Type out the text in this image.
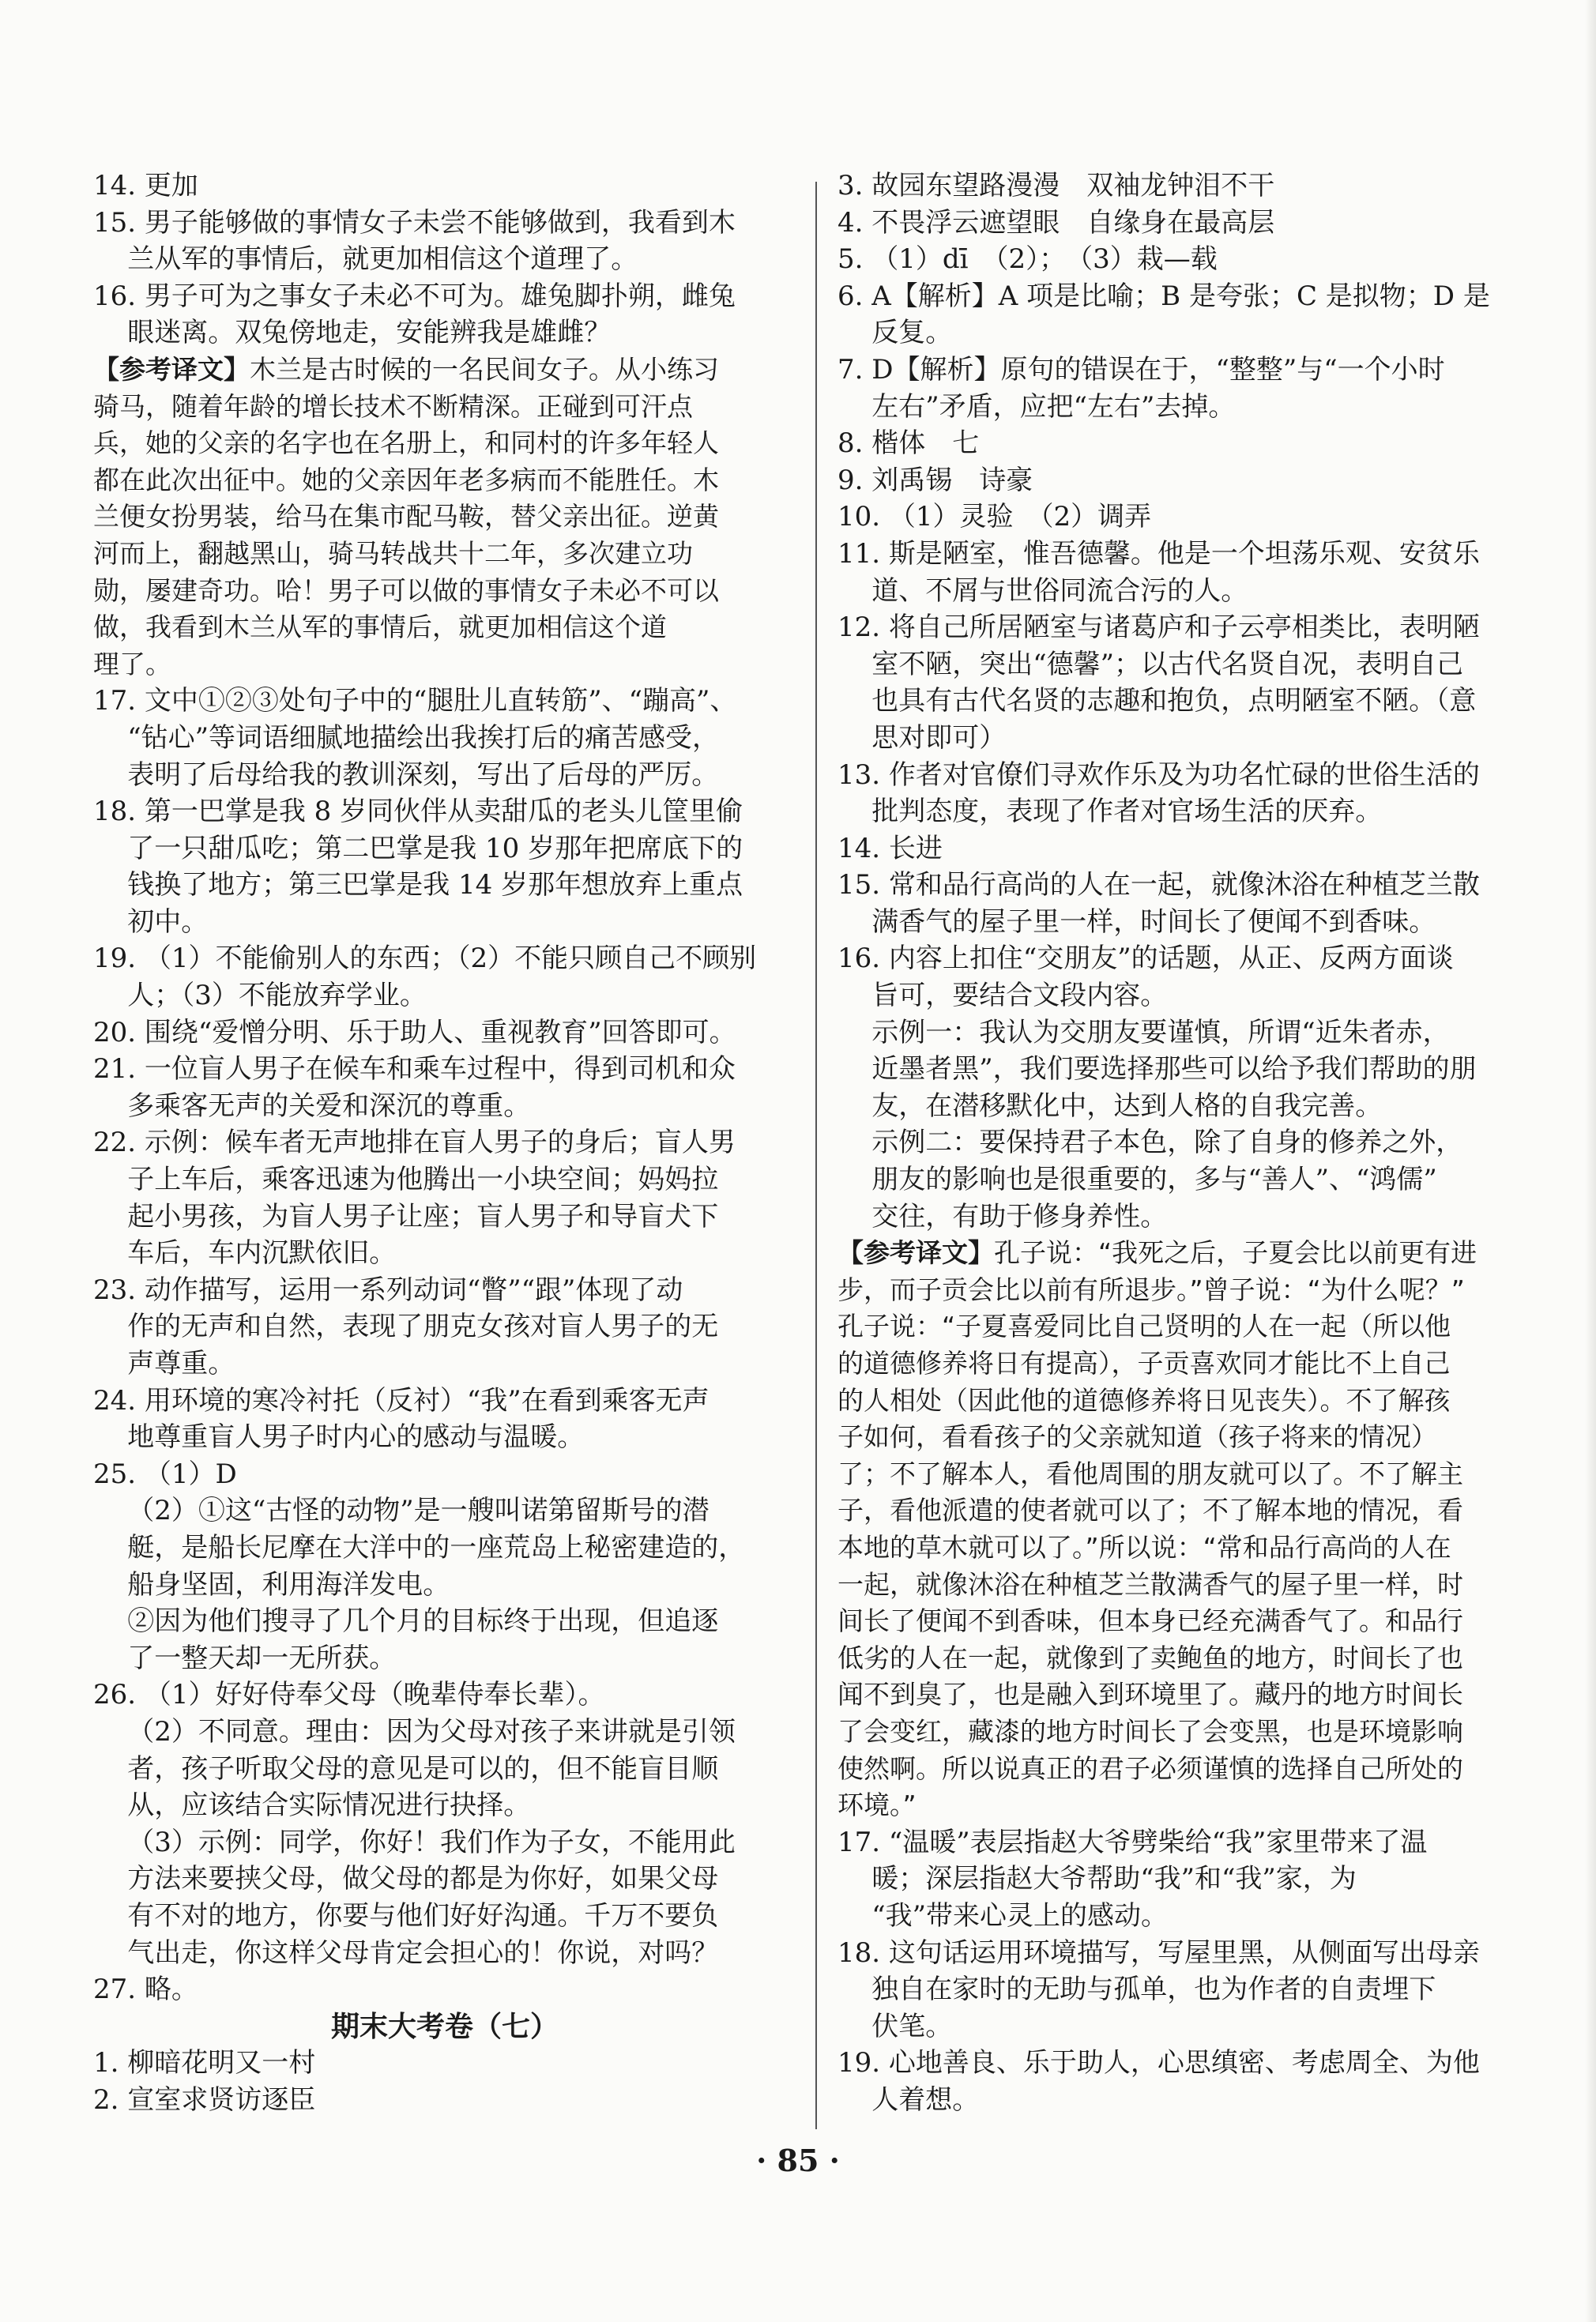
14. 更加
15. 男子能够做的事情女子未尝不能够做到，我看到木
兰从军的事情后，就更加相信这个道理了。
16. 男子可为之事女子未必不可为。雄兔脚扑朔，雌兔
眼迷离。双兔傍地走，安能辨我是雄雌？
【参考译文】木兰是古时候的一名民间女子。从小练习
骑马，随着年龄的增长技术不断精深。正碰到可汗点
兵，她的父亲的名字也在名册上，和同村的许多年轻人
都在此次出征中。她的父亲因年老多病而不能胜任。木
兰便女扮男装，给马在集市配马鞍，替父亲出征。逆黄
河而上，翻越黑山，骑马转战共十二年，多次建立功
勋，屡建奇功。哈！男子可以做的事情女子未必不可以
做，我看到木兰从军的事情后，就更加相信这个道
理了。
17. 文中①②③处句子中的“腿肚儿直转筋”、“蹦高”、
“钻心”等词语细腻地描绘出我挨打后的痛苦感受，
表明了后母给我的教训深刻，写出了后母的严厉。
18. 第一巴掌是我 8 岁同伙伴从卖甜瓜的老头儿筐里偷
了一只甜瓜吃；第二巴掌是我 10 岁那年把席底下的
钱换了地方；第三巴掌是我 14 岁那年想放弃上重点
初中。
19. （1）不能偷别人的东西；（2）不能只顾自己不顾别
人；（3）不能放弃学业。
20. 围绕“爱憎分明、乐于助人、重视教育”回答即可。
21. 一位盲人男子在候车和乘车过程中，得到司机和众
多乘客无声的关爱和深沉的尊重。
22. 示例：候车者无声地排在盲人男子的身后；盲人男
子上车后，乘客迅速为他腾出一小块空间；妈妈拉
起小男孩，为盲人男子让座；盲人男子和导盲犬下
车后，车内沉默依旧。
23. 动作描写，运用一系列动词“瞥”“跟”体现了动
作的无声和自然，表现了朋克女孩对盲人男子的无
声尊重。
24. 用环境的寒冷衬托（反衬）“我”在看到乘客无声
地尊重盲人男子时内心的感动与温暖。
25. （1）D
（2）①这“古怪的动物”是一艘叫诺第留斯号的潜
艇，是船长尼摩在大洋中的一座荒岛上秘密建造的，
船身坚固，利用海洋发电。
②因为他们搜寻了几个月的目标终于出现，但追逐
了一整天却一无所获。
26. （1）好好侍奉父母（晚辈侍奉长辈）。
（2）不同意。理由：因为父母对孩子来讲就是引领
者，孩子听取父母的意见是可以的，但不能盲目顺
从，应该结合实际情况进行抉择。
（3）示例：同学，你好！我们作为子女，不能用此
方法来要挟父母，做父母的都是为你好，如果父母
有不对的地方，你要与他们好好沟通。千万不要负
气出走，你这样父母肯定会担心的！你说，对吗？
27. 略。
期末大考卷（七）
1. 柳暗花明又一村
2. 宣室求贤访逐臣
3. 故园东望路漫漫　双袖龙钟泪不干
4. 不畏浮云遮望眼　自缘身在最高层
5. （1）dī　（2）；　（3）栽—载
6. A【解析】A 项是比喻；B 是夸张；C 是拟物；D 是
反复。
7. D【解析】原句的错误在于，“整整”与“一个小时
左右”矛盾，应把“左右”去掉。
8. 楷体　七
9. 刘禹锡　诗豪
10. （1）灵验　（2）调弄
11. 斯是陋室，惟吾德馨。他是一个坦荡乐观、安贫乐
道、不屑与世俗同流合污的人。
12. 将自己所居陋室与诸葛庐和子云亭相类比，表明陋
室不陋，突出“德馨”；以古代名贤自况，表明自己
也具有古代名贤的志趣和抱负，点明陋室不陋。（意
思对即可）
13. 作者对官僚们寻欢作乐及为功名忙碌的世俗生活的
批判态度，表现了作者对官场生活的厌弃。
14. 长进
15. 常和品行高尚的人在一起，就像沐浴在种植芝兰散
满香气的屋子里一样，时间长了便闻不到香味。
16. 内容上扣住“交朋友”的话题，从正、反两方面谈
旨可，要结合文段内容。
示例一：我认为交朋友要谨慎，所谓“近朱者赤，
近墨者黑”，我们要选择那些可以给予我们帮助的朋
友，在潜移默化中，达到人格的自我完善。
示例二：要保持君子本色，除了自身的修养之外，
朋友的影响也是很重要的，多与“善人”、“鸿儒”
交往，有助于修身养性。
【参考译文】孔子说：“我死之后，子夏会比以前更有进
步，而子贡会比以前有所退步。”曾子说：“为什么呢？”
孔子说：“子夏喜爱同比自己贤明的人在一起（所以他
的道德修养将日有提高），子贡喜欢同才能比不上自己
的人相处（因此他的道德修养将日见丧失）。不了解孩
子如何，看看孩子的父亲就知道（孩子将来的情况）
了；不了解本人，看他周围的朋友就可以了。不了解主
子，看他派遣的使者就可以了；不了解本地的情况，看
本地的草木就可以了。”所以说：“常和品行高尚的人在
一起，就像沐浴在种植芝兰散满香气的屋子里一样，时
间长了便闻不到香味，但本身已经充满香气了。和品行
低劣的人在一起，就像到了卖鲍鱼的地方，时间长了也
闻不到臭了，也是融入到环境里了。藏丹的地方时间长
了会变红，藏漆的地方时间长了会变黑，也是环境影响
使然啊。所以说真正的君子必须谨慎的选择自己所处的
环境。”
17. “温暖”表层指赵大爷劈柴给“我”家里带来了温
暖；深层指赵大爷帮助“我”和“我”家，为
“我”带来心灵上的感动。
18. 这句话运用环境描写，写屋里黑，从侧面写出母亲
独自在家时的无助与孤单，也为作者的自责埋下
伏笔。
19. 心地善良、乐于助人，心思缜密、考虑周全、为他
人着想。
· 85 ·
